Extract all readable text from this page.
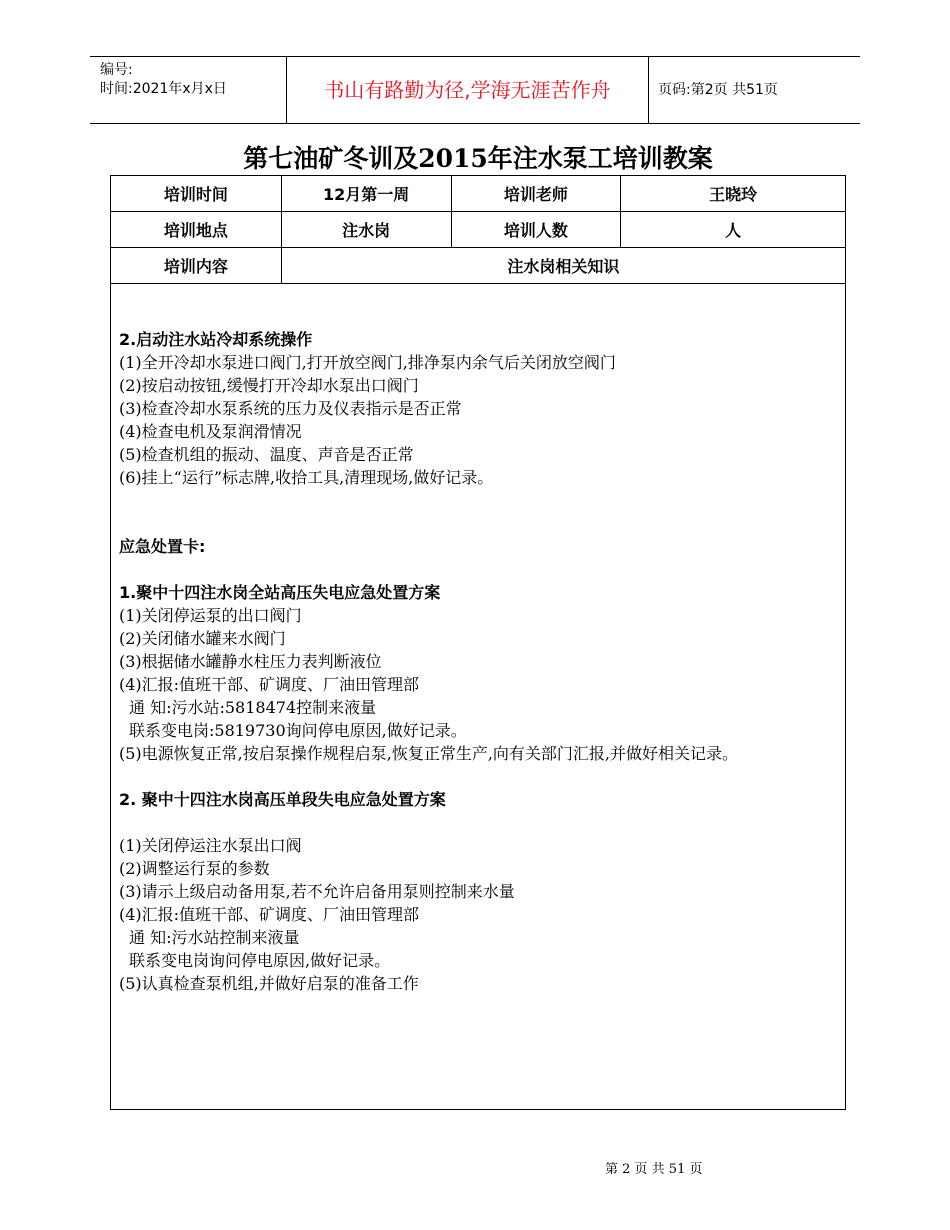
编号:
时间:2021年x月x日	书山有路勤为径,学海无涯苦作舟	页码:第2页 共51页
第七油矿冬训及2015年注水泵工培训教案
培训时间	12月第一周	培训老师	王晓玲
培训地点	注水岗	培训人数	人
培训内容	注水岗相关知识		

2.启动注水站冷却系统操作

(1)全开冷却水泵进口阀门,打开放空阀门,排净泵内余气后关闭放空阀门

(2)按启动按钮,缓慢打开冷却水泵出口阀门

(3)检查冷却水泵系统的压力及仪表指示是否正常

(4)检查电机及泵润滑情况

(5)检查机组的振动、温度、声音是否正常

(6)挂上“运行”标志牌,收拾工具,清理现场,做好记录。

应急处置卡:

1.聚中十四注水岗全站高压失电应急处置方案

(1)关闭停运泵的出口阀门

(2)关闭储水罐来水阀门

(3)根据储水罐静水柱压力表判断液位

(4)汇报:值班干部、矿调度、厂油田管理部

通 知:污水站:5818474控制来液量

联系变电岗:5819730询问停电原因,做好记录。

(5)电源恢复正常,按启泵操作规程启泵,恢复正常生产,向有关部门汇报,并做好相关记录。

2. 聚中十四注水岗高压单段失电应急处置方案

(1)关闭停运注水泵出口阀

(2)调整运行泵的参数

(3)请示上级启动备用泵,若不允许启备用泵则控制来水量

(4)汇报:值班干部、矿调度、厂油田管理部

通 知:污水站控制来液量

联系变电岗询问停电原因,做好记录。

(5)认真检查泵机组,并做好启泵的准备工作

第 2 页 共 51 页
